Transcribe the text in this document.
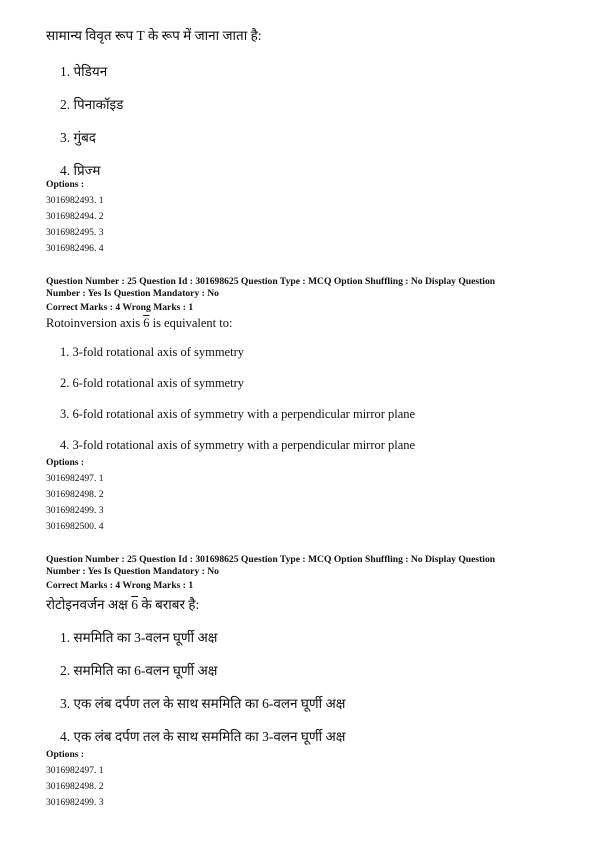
सामान्य विवृत रूप T के रूप में जाना जाता है:
1. पेडियन
2. पिनाकॉइड
3. गुंबद
4. प्रिज्म
Options :
3016982493. 1
3016982494. 2
3016982495. 3
3016982496. 4
Question Number : 25 Question Id : 301698625 Question Type : MCQ Option Shuffling : No Display Question
Number : Yes Is Question Mandatory : No
Correct Marks : 4 Wrong Marks : 1
Rotoinversion axis 6 is equivalent to:
1. 3-fold rotational axis of symmetry
2. 6-fold rotational axis of symmetry
3. 6-fold rotational axis of symmetry with a perpendicular mirror plane
4. 3-fold rotational axis of symmetry with a perpendicular mirror plane
Options :
3016982497. 1
3016982498. 2
3016982499. 3
3016982500. 4
Question Number : 25 Question Id : 301698625 Question Type : MCQ Option Shuffling : No Display Question
Number : Yes Is Question Mandatory : No
Correct Marks : 4 Wrong Marks : 1
रोटोइनवर्जन अक्ष 6 के बराबर है:
1. सममिति का 3-वलन घूर्णी अक्ष
2. सममिति का 6-वलन घूर्णी अक्ष
3. एक लंब दर्पण तल के साथ सममिति का 6-वलन घूर्णी अक्ष
4. एक लंब दर्पण तल के साथ सममिति का 3-वलन घूर्णी अक्ष
Options :
3016982497. 1
3016982498. 2
3016982499. 3
